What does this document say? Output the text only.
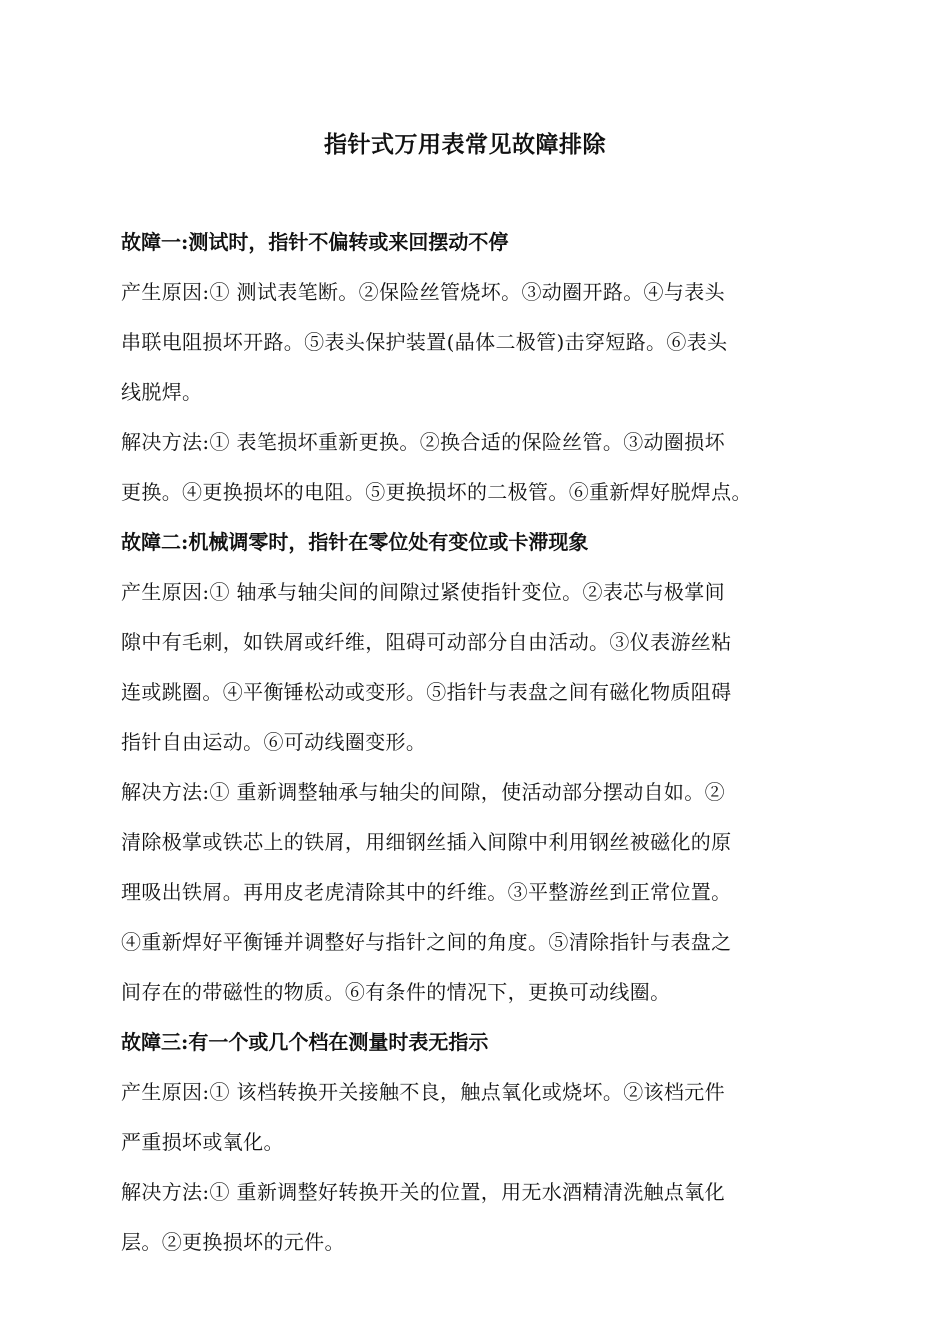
指针式万用表常见故障排除
故障一:测试时，指针不偏转或来回摆动不停
产生原因:① 测试表笔断。②保险丝管烧坏。③动圈开路。④与表头
串联电阻损坏开路。⑤表头保护装置(晶体二极管)击穿短路。⑥表头
线脱焊。
解决方法:① 表笔损坏重新更换。②换合适的保险丝管。③动圈损坏
更换。④更换损坏的电阻。⑤更换损坏的二极管。⑥重新焊好脱焊点。
故障二:机械调零时，指针在零位处有变位或卡滞现象
产生原因:① 轴承与轴尖间的间隙过紧使指针变位。②表芯与极掌间
隙中有毛刺，如铁屑或纤维，阻碍可动部分自由活动。③仪表游丝粘
连或跳圈。④平衡锤松动或变形。⑤指针与表盘之间有磁化物质阻碍
指针自由运动。⑥可动线圈变形。
解决方法:① 重新调整轴承与轴尖的间隙，使活动部分摆动自如。②
清除极掌或铁芯上的铁屑，用细钢丝插入间隙中利用钢丝被磁化的原
理吸出铁屑。再用皮老虎清除其中的纤维。③平整游丝到正常位置。
④重新焊好平衡锤并调整好与指针之间的角度。⑤清除指针与表盘之
间存在的带磁性的物质。⑥有条件的情况下，更换可动线圈。
故障三:有一个或几个档在测量时表无指示
产生原因:① 该档转换开关接触不良，触点氧化或烧坏。②该档元件
严重损坏或氧化。
解决方法:① 重新调整好转换开关的位置，用无水酒精清洗触点氧化
层。②更换损坏的元件。
